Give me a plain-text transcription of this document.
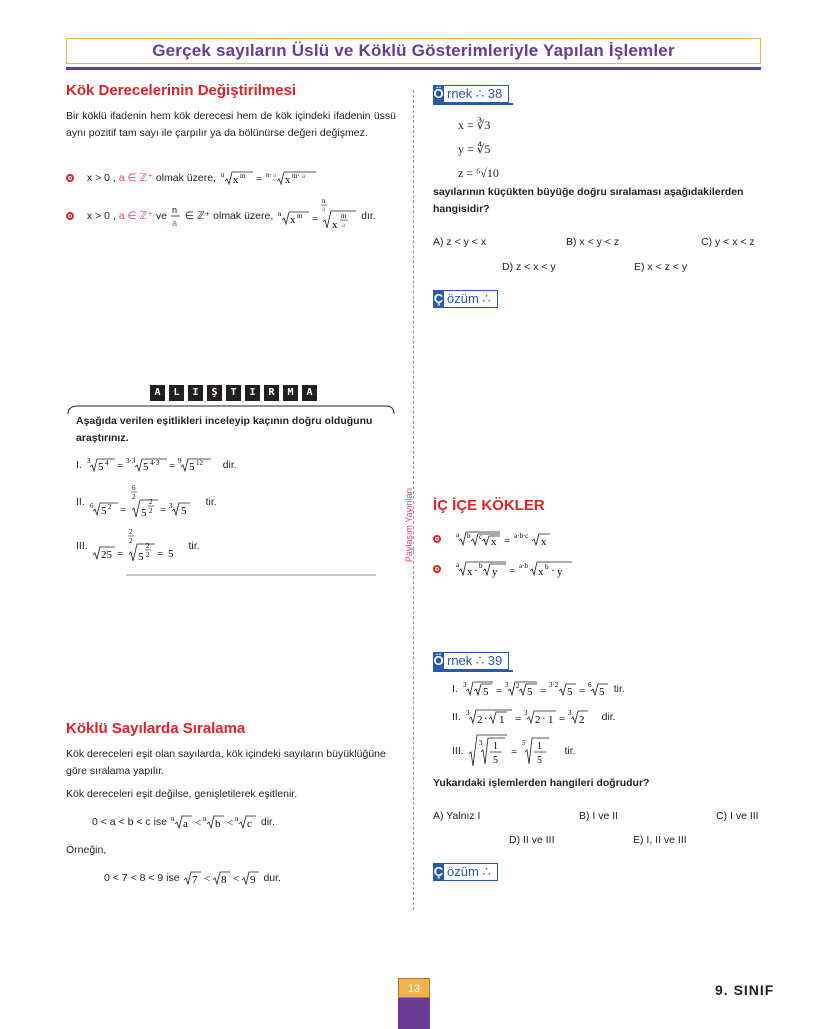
Gerçek sayıların Üslü ve Köklü Gösterimleriyle Yapılan İşlemler
Kök Derecelerinin Değiştirilmesi
Bir köklü ifadenin hem kök derecesi hem de kök içindeki ifadenin üssü aynı pozitif tam sayı ile çarpılır ya da bölünürse değeri değişmez.
x > 0 , a ∈ ℤ⁺ olmak üzere, n x m = n· a x m· a
x > 0 , a ∈ ℤ⁺ ve n
a
∈ ℤ⁺ olmak üzere, n x m =
n
a
x
m
a
dır.
A	L	I	Ş	T	I	R	M	A
Aşağıda verilen eşitlikleri inceleyip kaçının doğru olduğunu araştırınız.
I. 3 5 4 = 3·3 5 4·3 = 9 5 12 dir.
II. 6 5 2 =
6
2
5
2
2 = 3 5
tir.
III.
25 =
2
2
5
2
2 = 5
tir.
Köklü Sayılarda Sıralama
Kök dereceleri eşit olan sayılarda, kök içindeki sayıların büyüklüğüne göre sıralama yapılır.
Kök dereceleri eşit değilse, genişletilerek eşitlenir.
0 < a < b < c ise n a < n b < n c dir.
Örneğin,
0 < 7 < 8 < 9 ise 7 < 8 < 9 dur.
Paylaşım Yayınları
Ö rnek ∴ 38
x = ∛3
y = ∜5
z = ⁶√10
sayılarının küçükten büyüğe doğru sıralaması aşağıdakilerden hangisidir?
A) z < y < x	B) x < y < z	C) y < x < z
D) z < x < y	E) x < z < y
Ç özüm ∴
İÇ İÇE KÖKLER

a b c x = a·b·c x

a
x · b y = a·b x b · y
Ö rnek ∴ 39
I. 3
5 = 3 2 5 = 3·2
5 = 6
5 tir.
II. 3
2 · 1 = 3
2 · 1 = 3
2 dir.
III.
3 1
5
=
5 1
5
tir.
Yukarıdaki işlemlerden hangileri doğrudur?
A) Yalnız I	B) I ve II	C) I ve III
D) II ve III	E) I, II ve III
Ç özüm ∴
13	9. SINIF
